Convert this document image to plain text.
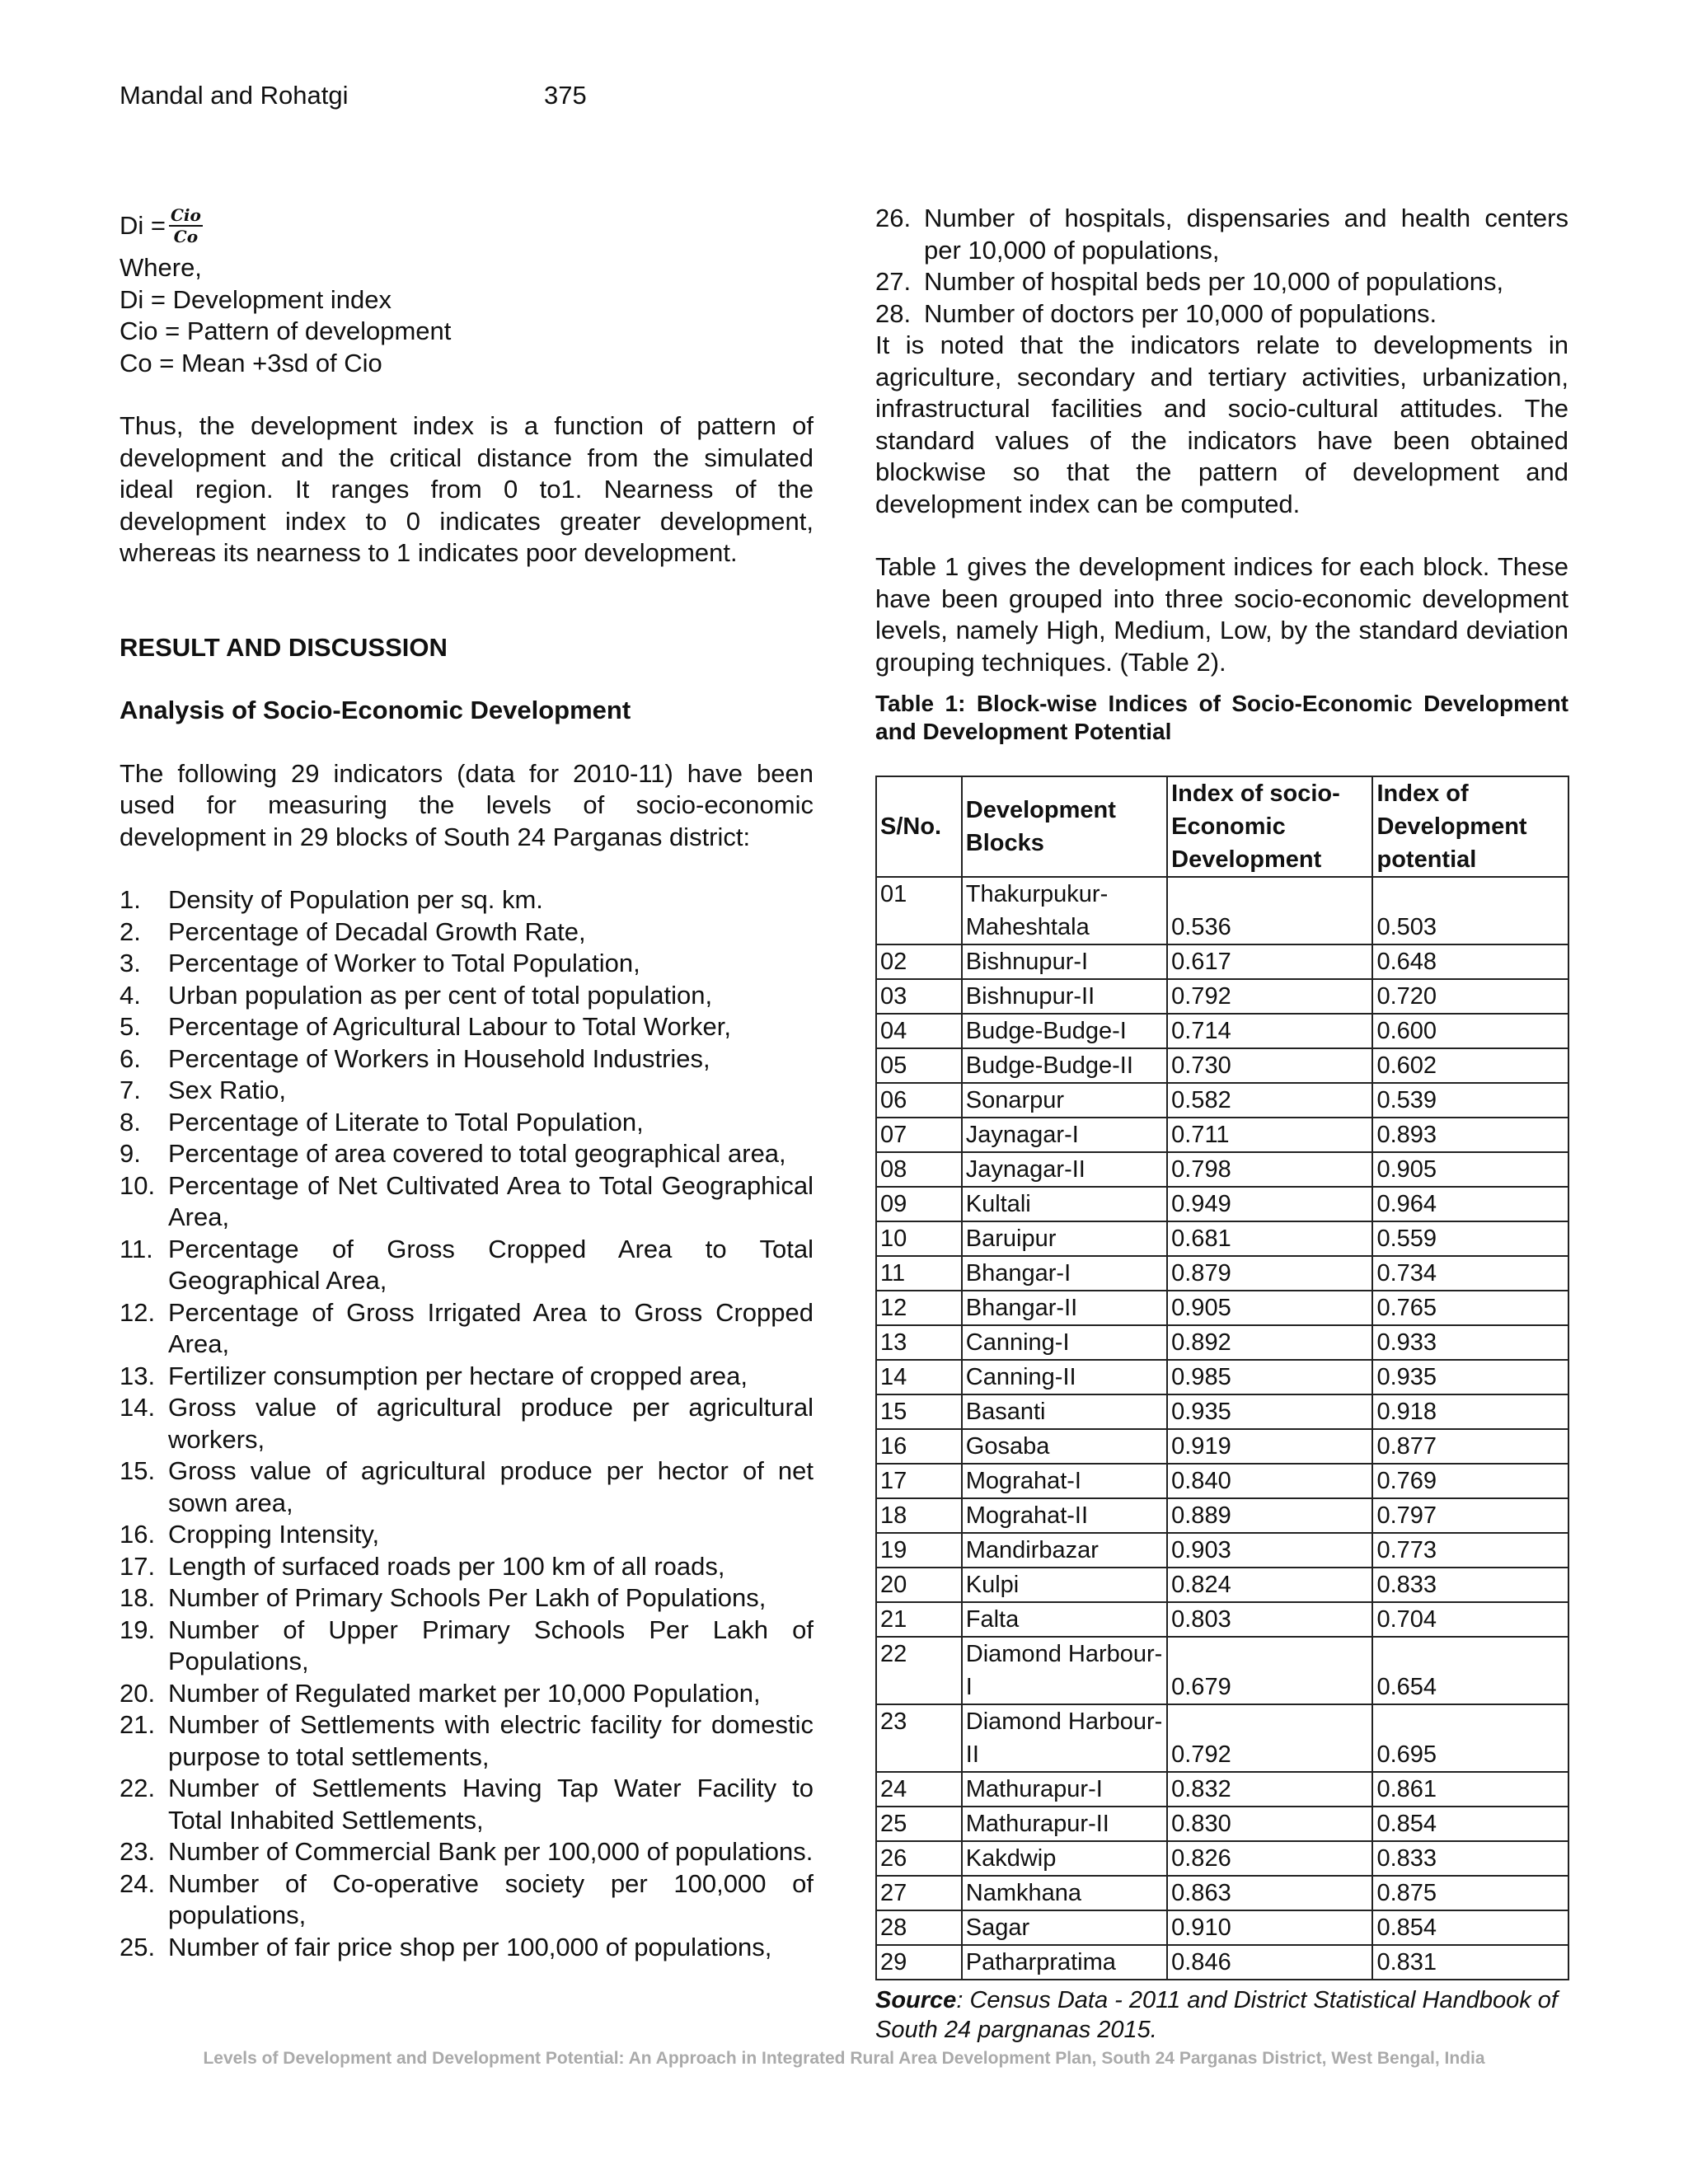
Mandal and Rohatgi	375
$Di = \frac{\text{Cio}}{Co}$
Where,
Di = Development index
Cio = Pattern of development
Co = Mean +3sd of Cio
Thus, the development index is a function of pattern of development and the critical distance from the simulated ideal region. It ranges from 0 to1. Nearness of the development index to 0 indicates greater development, whereas its nearness to 1 indicates poor development.
RESULT AND DISCUSSION
Analysis of Socio-Economic Development
The following 29 indicators (data for 2010-11) have been used for measuring the levels of socio-economic development in 29 blocks of South 24 Parganas district:
1.	Density of Population per sq. km.
2.	Percentage of Decadal Growth Rate,
3.	Percentage of Worker to Total Population,
4.	Urban population as per cent of total population,
5.	Percentage of Agricultural Labour to Total Worker,
6.	Percentage of Workers in Household Industries,
7.	Sex Ratio,
8.	Percentage of Literate to Total Population,
9.	Percentage of area covered to total geographical area,
10. Percentage of Net Cultivated Area to Total Geographical Area,
11. Percentage of Gross Cropped Area to Total Geographical Area,
12. Percentage of Gross Irrigated Area to Gross Cropped Area,
13. Fertilizer consumption per hectare of cropped area,
14. Gross value of agricultural produce per agricultural workers,
15. Gross value of agricultural produce per hector of net sown area,
16. Cropping Intensity,
17. Length of surfaced roads per 100 km of all roads,
18. Number of Primary Schools Per Lakh of Populations,
19. Number of Upper Primary Schools Per Lakh of Populations,
20. Number of Regulated market per 10,000 Population,
21. Number of Settlements with electric facility for domestic purpose to total settlements,
22. Number of Settlements Having Tap Water Facility to Total Inhabited Settlements,
23. Number of Commercial Bank per 100,000 of populations.
24. Number of Co-operative society per 100,000 of populations,
25. Number of fair price shop per 100,000 of populations,
26. Number of hospitals, dispensaries and health centers per 10,000 of populations,
27. Number of hospital beds per 10,000 of populations,
28. Number of doctors per 10,000 of populations.
It is noted that the indicators relate to developments in agriculture, secondary and tertiary activities, urbanization, infrastructural facilities and socio-cultural attitudes. The standard values of the indicators have been obtained blockwise so that the pattern of development and development index can be computed.
Table 1 gives the development indices for each block. These have been grouped into three socio-economic development levels, namely High, Medium, Low, by the standard deviation grouping techniques. (Table 2).
Table 1: Block-wise Indices of Socio-Economic Development and Development Potential
S/No.	Development Blocks	Index of socio-Economic Development	Index of Development potential
01	Thakurpukur-Maheshtala	0.536	0.503
02	Bishnupur-I	0.617	0.648
03	Bishnupur-II	0.792	0.720
04	Budge-Budge-I	0.714	0.600
05	Budge-Budge-II	0.730	0.602
06	Sonarpur	0.582	0.539
07	Jaynagar-I	0.711	0.893
08	Jaynagar-II	0.798	0.905
09	Kultali	0.949	0.964
10	Baruipur	0.681	0.559
11	Bhangar-I	0.879	0.734
12	Bhangar-II	0.905	0.765
13	Canning-I	0.892	0.933
14	Canning-II	0.985	0.935
15	Basanti	0.935	0.918
16	Gosaba	0.919	0.877
17	Mograhat-I	0.840	0.769
18	Mograhat-II	0.889	0.797
19	Mandirbazar	0.903	0.773
20	Kulpi	0.824	0.833
21	Falta	0.803	0.704
22	Diamond Harbour-I	0.679	0.654
23	Diamond Harbour-II	0.792	0.695
24	Mathurapur-I	0.832	0.861
25	Mathurapur-II	0.830	0.854
26	Kakdwip	0.826	0.833
27	Namkhana	0.863	0.875
28	Sagar	0.910	0.854
29	Patharpratima	0.846	0.831
Source: Census Data - 2011 and District Statistical Handbook of South 24 pargnanas 2015.
Levels of Development and Development Potential: An Approach in Integrated Rural Area Development Plan, South 24 Parganas District, West Bengal, India
